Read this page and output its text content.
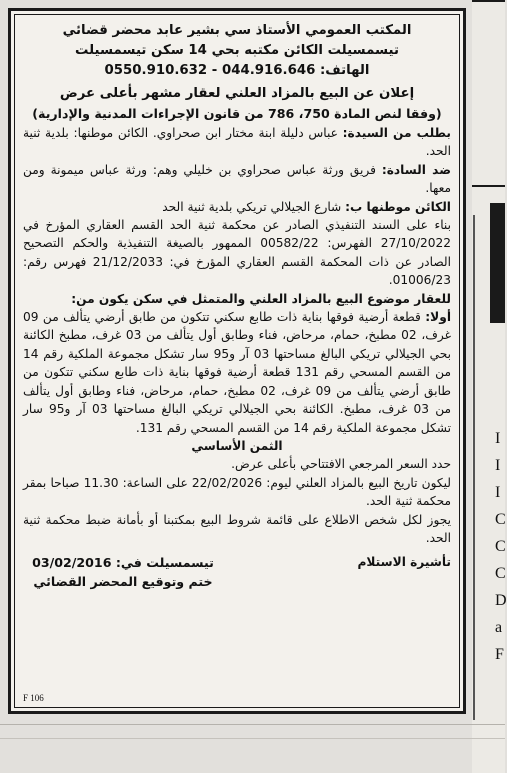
I
I
I
C
C
C
D
a
F
المكتب العمومي الأستاذ سي بشير عابد محضر قضائي
تيسمسيلت الكائن مكتبه بحي 14 سكن تيسمسيلت
الهاتف: 044.916.646 - 0550.910.632
إعلان عن البيع بالمزاد العلني لعقار مشهر بأعلى عرض
(وفقا لنص المادة 750، 786 من قانون الإجراءات المدنية والإدارية)

بطلب من السيدة: عباس دليلة ابنة مختار ابن صحراوي. الكائن موطنها: بلدية ثنية الحد.

ضد السادة: فريق ورثة عباس صحراوي بن خليلي وهم: ورثة عباس ميمونة ومن معها.

الكائن موطنها ب: شارع الجيلالي تريكي بلدية ثنية الحد

بناء على السند التنفيذي الصادر عن محكمة ثنية الحد القسم العقاري المؤرخ في 27/10/2022 الفهرس: 00582/22 الممهور بالصيغة التنفيذية والحكم التصحيح الصادر عن ذات المحكمة القسم العقاري المؤرخ في: 21/12/2033 فهرس رقم: 01006/23.

للعقار موضوع البيع بالمزاد العلني والمتمثل في سكن يكون من:

أولا: قطعة أرضية فوقها بناية ذات طابع سكني تتكون من طابق أرضي يتألف من 09 غرف، 02 مطبخ، حمام، مرحاض، فناء وطابق أول يتألف من 03 غرف، مطبخ الكائنة بحي الجيلالي تريكي البالغ مساحتها 03 آر و95 سار تشكل مجموعة الملكية رقم 14 من القسم المسحي رقم 131 قطعة أرضية فوقها بناية ذات طابع سكني تتكون من طابق أرضي يتألف من 09 غرف، 02 مطبخ، حمام، مرحاض، فناء وطابق أول يتألف من 03 غرف، مطبخ. الكائنة بحي الجيلالي تريكي البالغ مساحتها 03 آر و95 سار تشكل مجموعة الملكية رقم 14 من القسم المسحي رقم 131.

الثمن الأساسي

حدد السعر المرجعي الافتتاحي بأعلى عرض.

ليكون تاريخ البيع بالمزاد العلني ليوم: 22/02/2026 على الساعة: 11.30 صباحا بمقر محكمة ثنية الحد.

يجوز لكل شخص الاطلاع على قائمة شروط البيع بمكتبنا أو بأمانة ضبط محكمة ثنية الحد.

تأشيرة الاستلام
تيسمسيلت في: 03/02/2016
ختم وتوقيع المحضر القضائي
F 106
